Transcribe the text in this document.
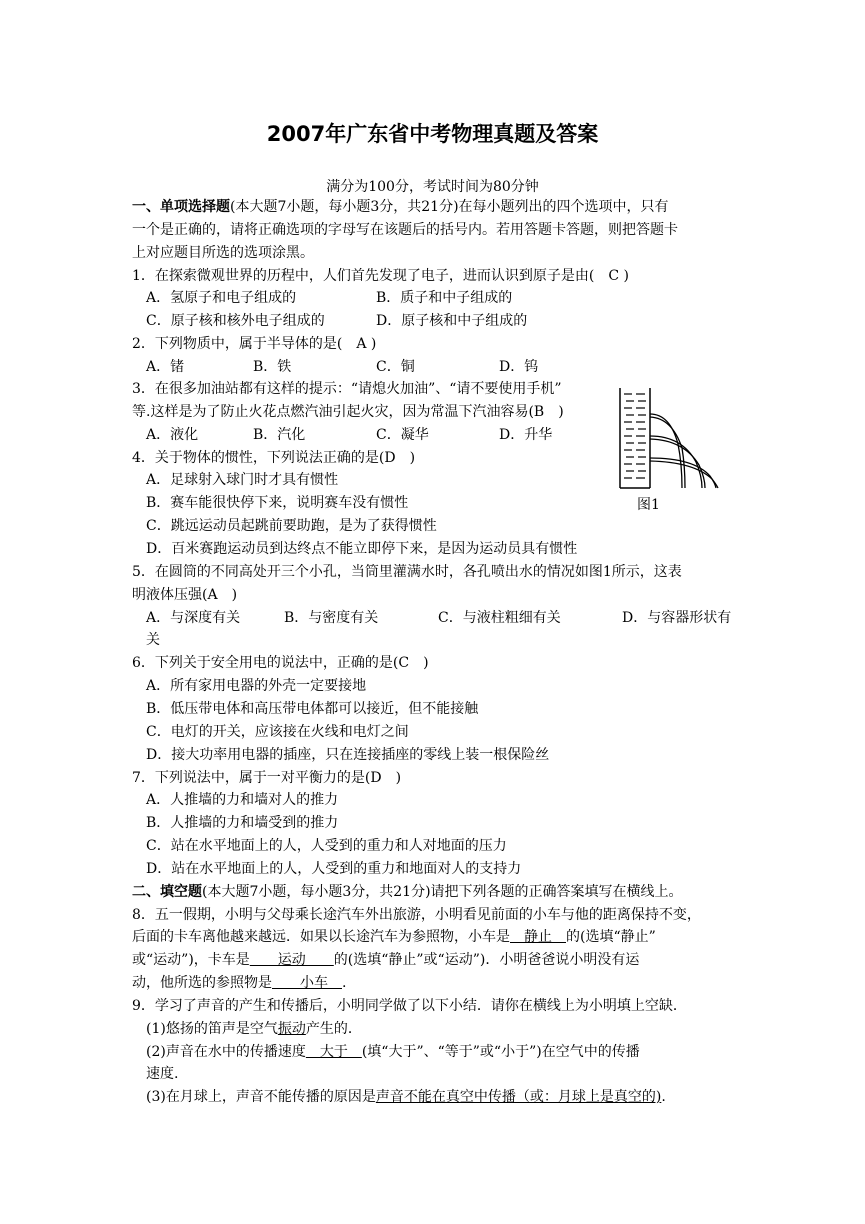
2007年广东省中考物理真题及答案
满分为100分，考试时间为80分钟
一、单项选择题(本大题7小题，每小题3分，共21分)在每小题列出的四个选项中，只有
一个是正确的，请将正确选项的字母写在该题后的括号内。若用答题卡答题，则把答题卡
上对应题目所选的选项涂黑。
1．在探索微观世界的历程中，人们首先发现了电子，进而认识到原子是由(　C )
A．氢原子和电子组成的	B．质子和中子组成的
C．原子核和核外电子组成的	D．原子核和中子组成的
2．下列物质中，属于半导体的是(　A )
A．锗	B．铁	C．铜	D．钨
3．在很多加油站都有这样的提示：“请熄火加油”、“请不要使用手机”
等.这样是为了防止火花点燃汽油引起火灾，因为常温下汽油容易(B　)
A．液化	B．汽化	C．凝华	D．升华
图1
4．关于物体的惯性，下列说法正确的是(D　)
A．足球射入球门时才具有惯性
B．赛车能很快停下来，说明赛车没有惯性
C．跳远运动员起跳前要助跑，是为了获得惯性
D．百米赛跑运动员到达终点不能立即停下来，是因为运动员具有惯性
5．在圆筒的不同高处开三个小孔，当筒里灌满水时，各孔喷出水的情况如图1所示，这表
明液体压强(A　)
A．与深度有关	B．与密度有关	C．与液柱粗细有关	D．与容器形状有
关
6．下列关于安全用电的说法中，正确的是(C　)
A．所有家用电器的外壳一定要接地
B．低压带电体和高压带电体都可以接近，但不能接触
C．电灯的开关，应该接在火线和电灯之间
D．接大功率用电器的插座，只在连接插座的零线上装一根保险丝
7．下列说法中，属于一对平衡力的是(D　)
A．人推墙的力和墙对人的推力
B．人推墙的力和墙受到的推力
C．站在水平地面上的人，人受到的重力和人对地面的压力
D．站在水平地面上的人，人受到的重力和地面对人的支持力
二、填空题(本大题7小题，每小题3分，共21分)请把下列各题的正确答案填写在横线上。
8．五一假期，小明与父母乘长途汽车外出旅游，小明看见前面的小车与他的距离保持不变，
后面的卡车离他越来越远．如果以长途汽车为参照物，小车是　静止　的(选填“静止”
或“运动”)，卡车是　　运动　　的(选填“静止”或“运动”)．小明爸爸说小明没有运
动，他所选的参照物是　　小车　.
9．学习了声音的产生和传播后，小明同学做了以下小结．请你在横线上为小明填上空缺．
(1)悠扬的笛声是空气振动产生的．
(2)声音在水中的传播速度　大于　(填“大于”、“等于”或“小于”)在空气中的传播
速度.
(3)在月球上，声音不能传播的原因是声音不能在真空中传播（或：月球上是真空的).
